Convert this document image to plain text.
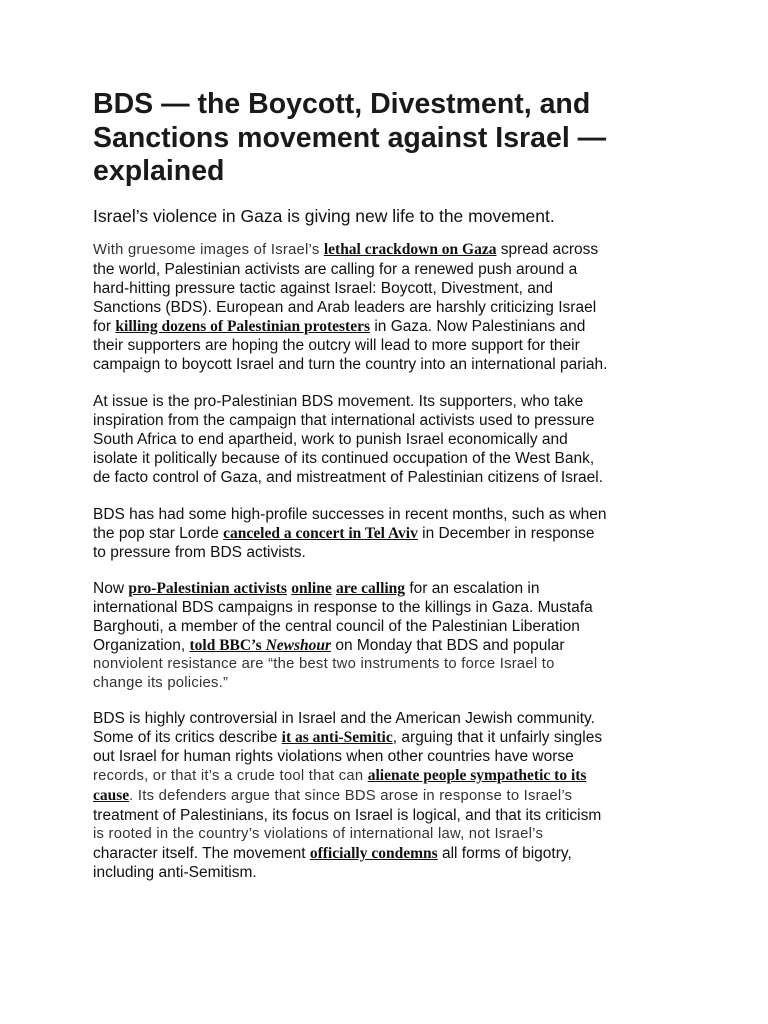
BDS — the Boycott, Divestment, and Sanctions movement against Israel — explained
Israel’s violence in Gaza is giving new life to the movement.

With gruesome images of Israel’s lethal crackdown on Gaza spread across
the world, Palestinian activists are calling for a renewed push around a
hard-hitting pressure tactic against Israel: Boycott, Divestment, and
Sanctions (BDS). European and Arab leaders are harshly criticizing Israel
for killing dozens of Palestinian protesters in Gaza. Now Palestinians and
their supporters are hoping the outcry will lead to more support for their
campaign to boycott Israel and turn the country into an international pariah.

At issue is the pro-Palestinian BDS movement. Its supporters, who take
inspiration from the campaign that international activists used to pressure
South Africa to end apartheid, work to punish Israel economically and
isolate it politically because of its continued occupation of the West Bank,
de facto control of Gaza, and mistreatment of Palestinian citizens of Israel.

BDS has had some high-profile successes in recent months, such as when
the pop star Lorde canceled a concert in Tel Aviv in December in response
to pressure from BDS activists.

Now pro-Palestinian activists online are calling for an escalation in
international BDS campaigns in response to the killings in Gaza. Mustafa
Barghouti, a member of the central council of the Palestinian Liberation
Organization, told BBC’s Newshour on Monday that BDS and popular
nonviolent resistance are “the best two instruments to force Israel to
change its policies.”

BDS is highly controversial in Israel and the American Jewish community.
Some of its critics describe it as anti-Semitic, arguing that it unfairly singles
out Israel for human rights violations when other countries have worse
records, or that it’s a crude tool that can alienate people sympathetic to its
cause. Its defenders argue that since BDS arose in response to Israel’s
treatment of Palestinians, its focus on Israel is logical, and that its criticism
is rooted in the country’s violations of international law, not Israel’s
character itself. The movement officially condemns all forms of bigotry,
including anti-Semitism.
